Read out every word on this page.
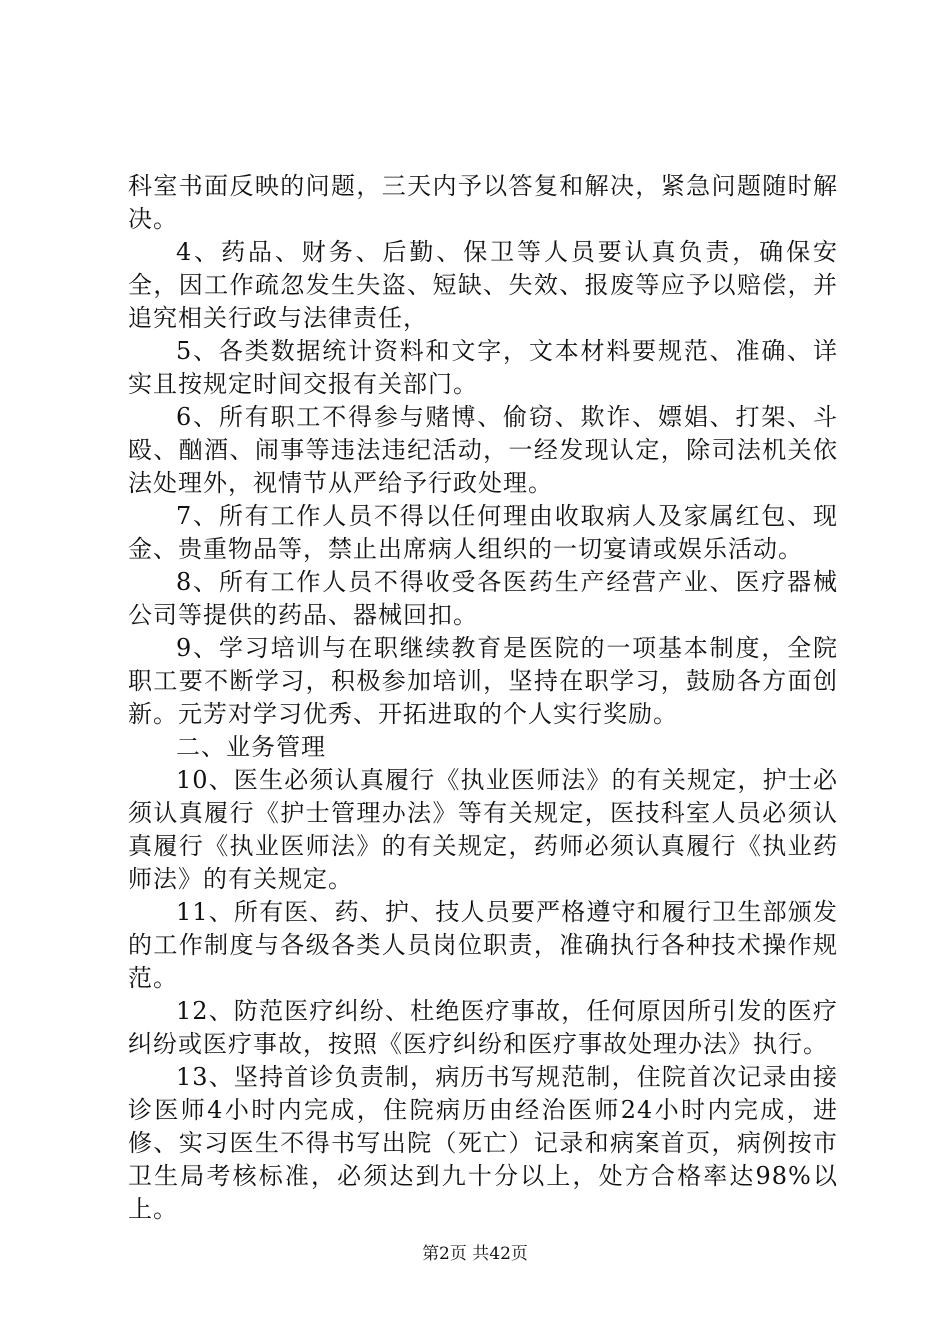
科室书面反映的问题，三天内予以答复和解决，紧急问题随时解决。

4、药品、财务、后勤、保卫等人员要认真负责，确保安全，因工作疏忽发生失盗、短缺、失效、报废等应予以赔偿，并追究相关行政与法律责任，

5、各类数据统计资料和文字，文本材料要规范、准确、详实且按规定时间交报有关部门。

6、所有职工不得参与赌博、偷窃、欺诈、嫖娼、打架、斗殴、酗酒、闹事等违法违纪活动，一经发现认定，除司法机关依法处理外，视情节从严给予行政处理。

7、所有工作人员不得以任何理由收取病人及家属红包、现金、贵重物品等，禁止出席病人组织的一切宴请或娱乐活动。

8、所有工作人员不得收受各医药生产经营产业、医疗器械公司等提供的药品、器械回扣。

9、学习培训与在职继续教育是医院的一项基本制度，全院职工要不断学习，积极参加培训，坚持在职学习，鼓励各方面创新。元芳对学习优秀、开拓进取的个人实行奖励。

二、业务管理

10、医生必须认真履行《执业医师法》的有关规定，护士必须认真履行《护士管理办法》等有关规定，医技科室人员必须认真履行《执业医师法》的有关规定，药师必须认真履行《执业药师法》的有关规定。

11、所有医、药、护、技人员要严格遵守和履行卫生部颁发的工作制度与各级各类人员岗位职责，准确执行各种技术操作规范。

12、防范医疗纠纷、杜绝医疗事故，任何原因所引发的医疗纠纷或医疗事故，按照《医疗纠纷和医疗事故处理办法》执行。

13、坚持首诊负责制，病历书写规范制，住院首次记录由接诊医师4小时内完成，住院病历由经治医师24小时内完成，进修、实习医生不得书写出院（死亡）记录和病案首页，病例按市卫生局考核标准，必须达到九十分以上，处方合格率达98%以上。

第2页 共42页
